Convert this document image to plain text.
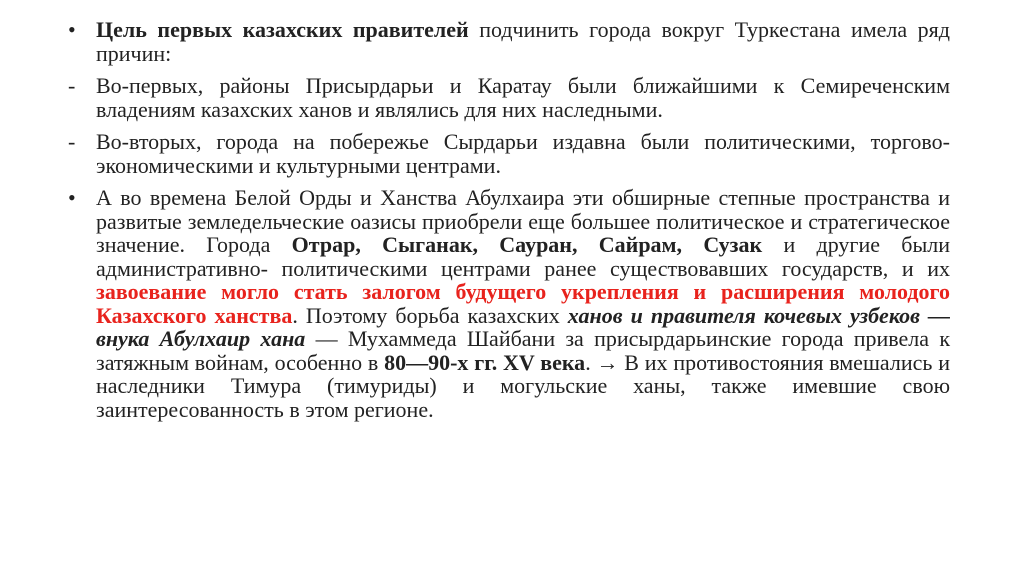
• Цель первых казахских правителей подчинить города вокруг Туркестана имела ряд причин:
- Во-первых, районы Присырдарьи и Каратау были ближайшими к Семиреченским владениям казахских ханов и являлись для них наследными.
- Во-вторых, города на побережье Сырдарьи издавна были политическими, торгово-экономическими и культурными центрами.
• А во времена Белой Орды и Ханства Абулхаира эти обширные степные пространства и развитые земледельческие оазисы приобрели еще большее политическое и стратегическое значение. Города Отрар, Сыганак, Сауран, Сайрам, Сузак и другие были административно- политическими центрами ранее существовавших государств, и их завоевание могло стать залогом будущего укрепления и расширения молодого Казахского ханства. Поэтому борьба казахских ханов и правителя кочевых узбеков — внука Абулхаир хана — Мухаммеда Шайбани за присырдарьинские города привела к затяжным войнам, особенно в 80—90-х гг. XV века. → В их противостояния вмешались и наследники Тимура (тимуриды) и могульские ханы, также имевшие свою заинтересованность в этом регионе.
